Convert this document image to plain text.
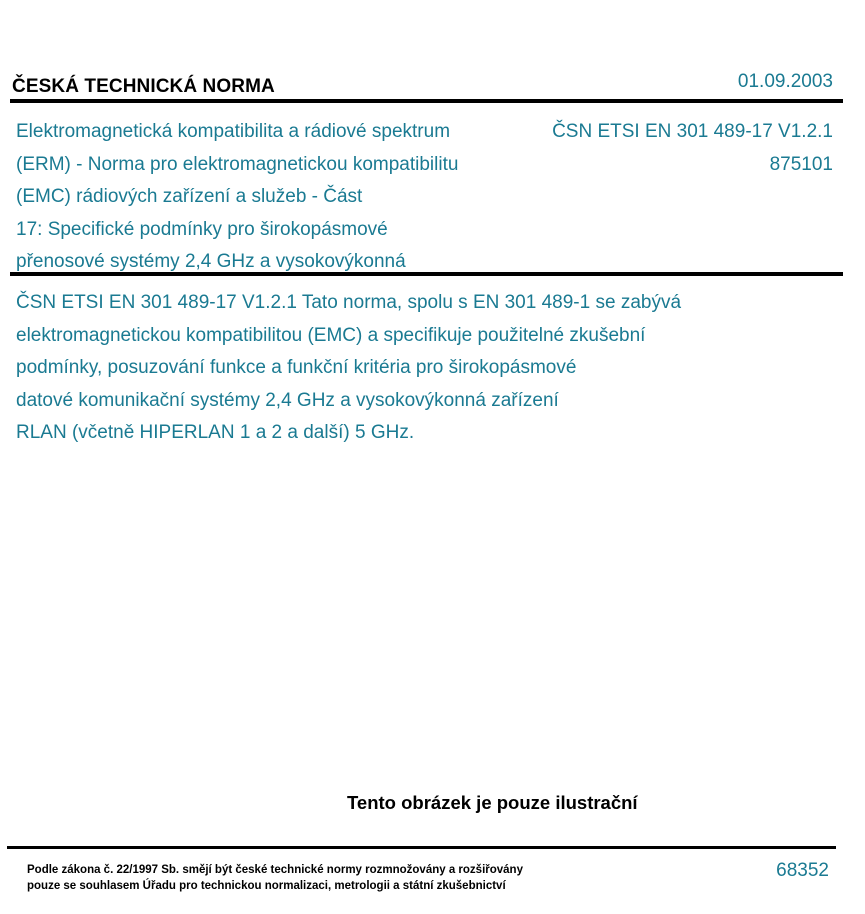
ČESKÁ TECHNICKÁ NORMA	01.09.2003
Elektromagnetická kompatibilita a rádiové spektrum
(ERM) - Norma pro elektromagnetickou kompatibilitu
(EMC) rádiových zařízení a služeb - Část
17: Specifické podmínky pro širokopásmové
přenosové systémy 2,4 GHz a vysokovýkonná
ČSN ETSI EN 301 489-17 V1.2.1
875101
ČSN ETSI EN 301 489-17 V1.2.1 Tato norma, spolu s EN 301 489-1 se zabývá
elektromagnetickou kompatibilitou (EMC) a specifikuje použitelné zkušební
podmínky, posuzování funkce a funkční kritéria pro širokopásmové
datové komunikační systémy 2,4 GHz a vysokovýkonná zařízení
RLAN (včetně HIPERLAN 1 a 2 a další) 5 GHz.
Tento obrázek je pouze ilustrační
Podle zákona č. 22/1997 Sb. smějí být české technické normy rozmnožovány a rozšiřovány
pouze se souhlasem Úřadu pro technickou normalizaci, metrologii a státní zkušebnictví
68352
